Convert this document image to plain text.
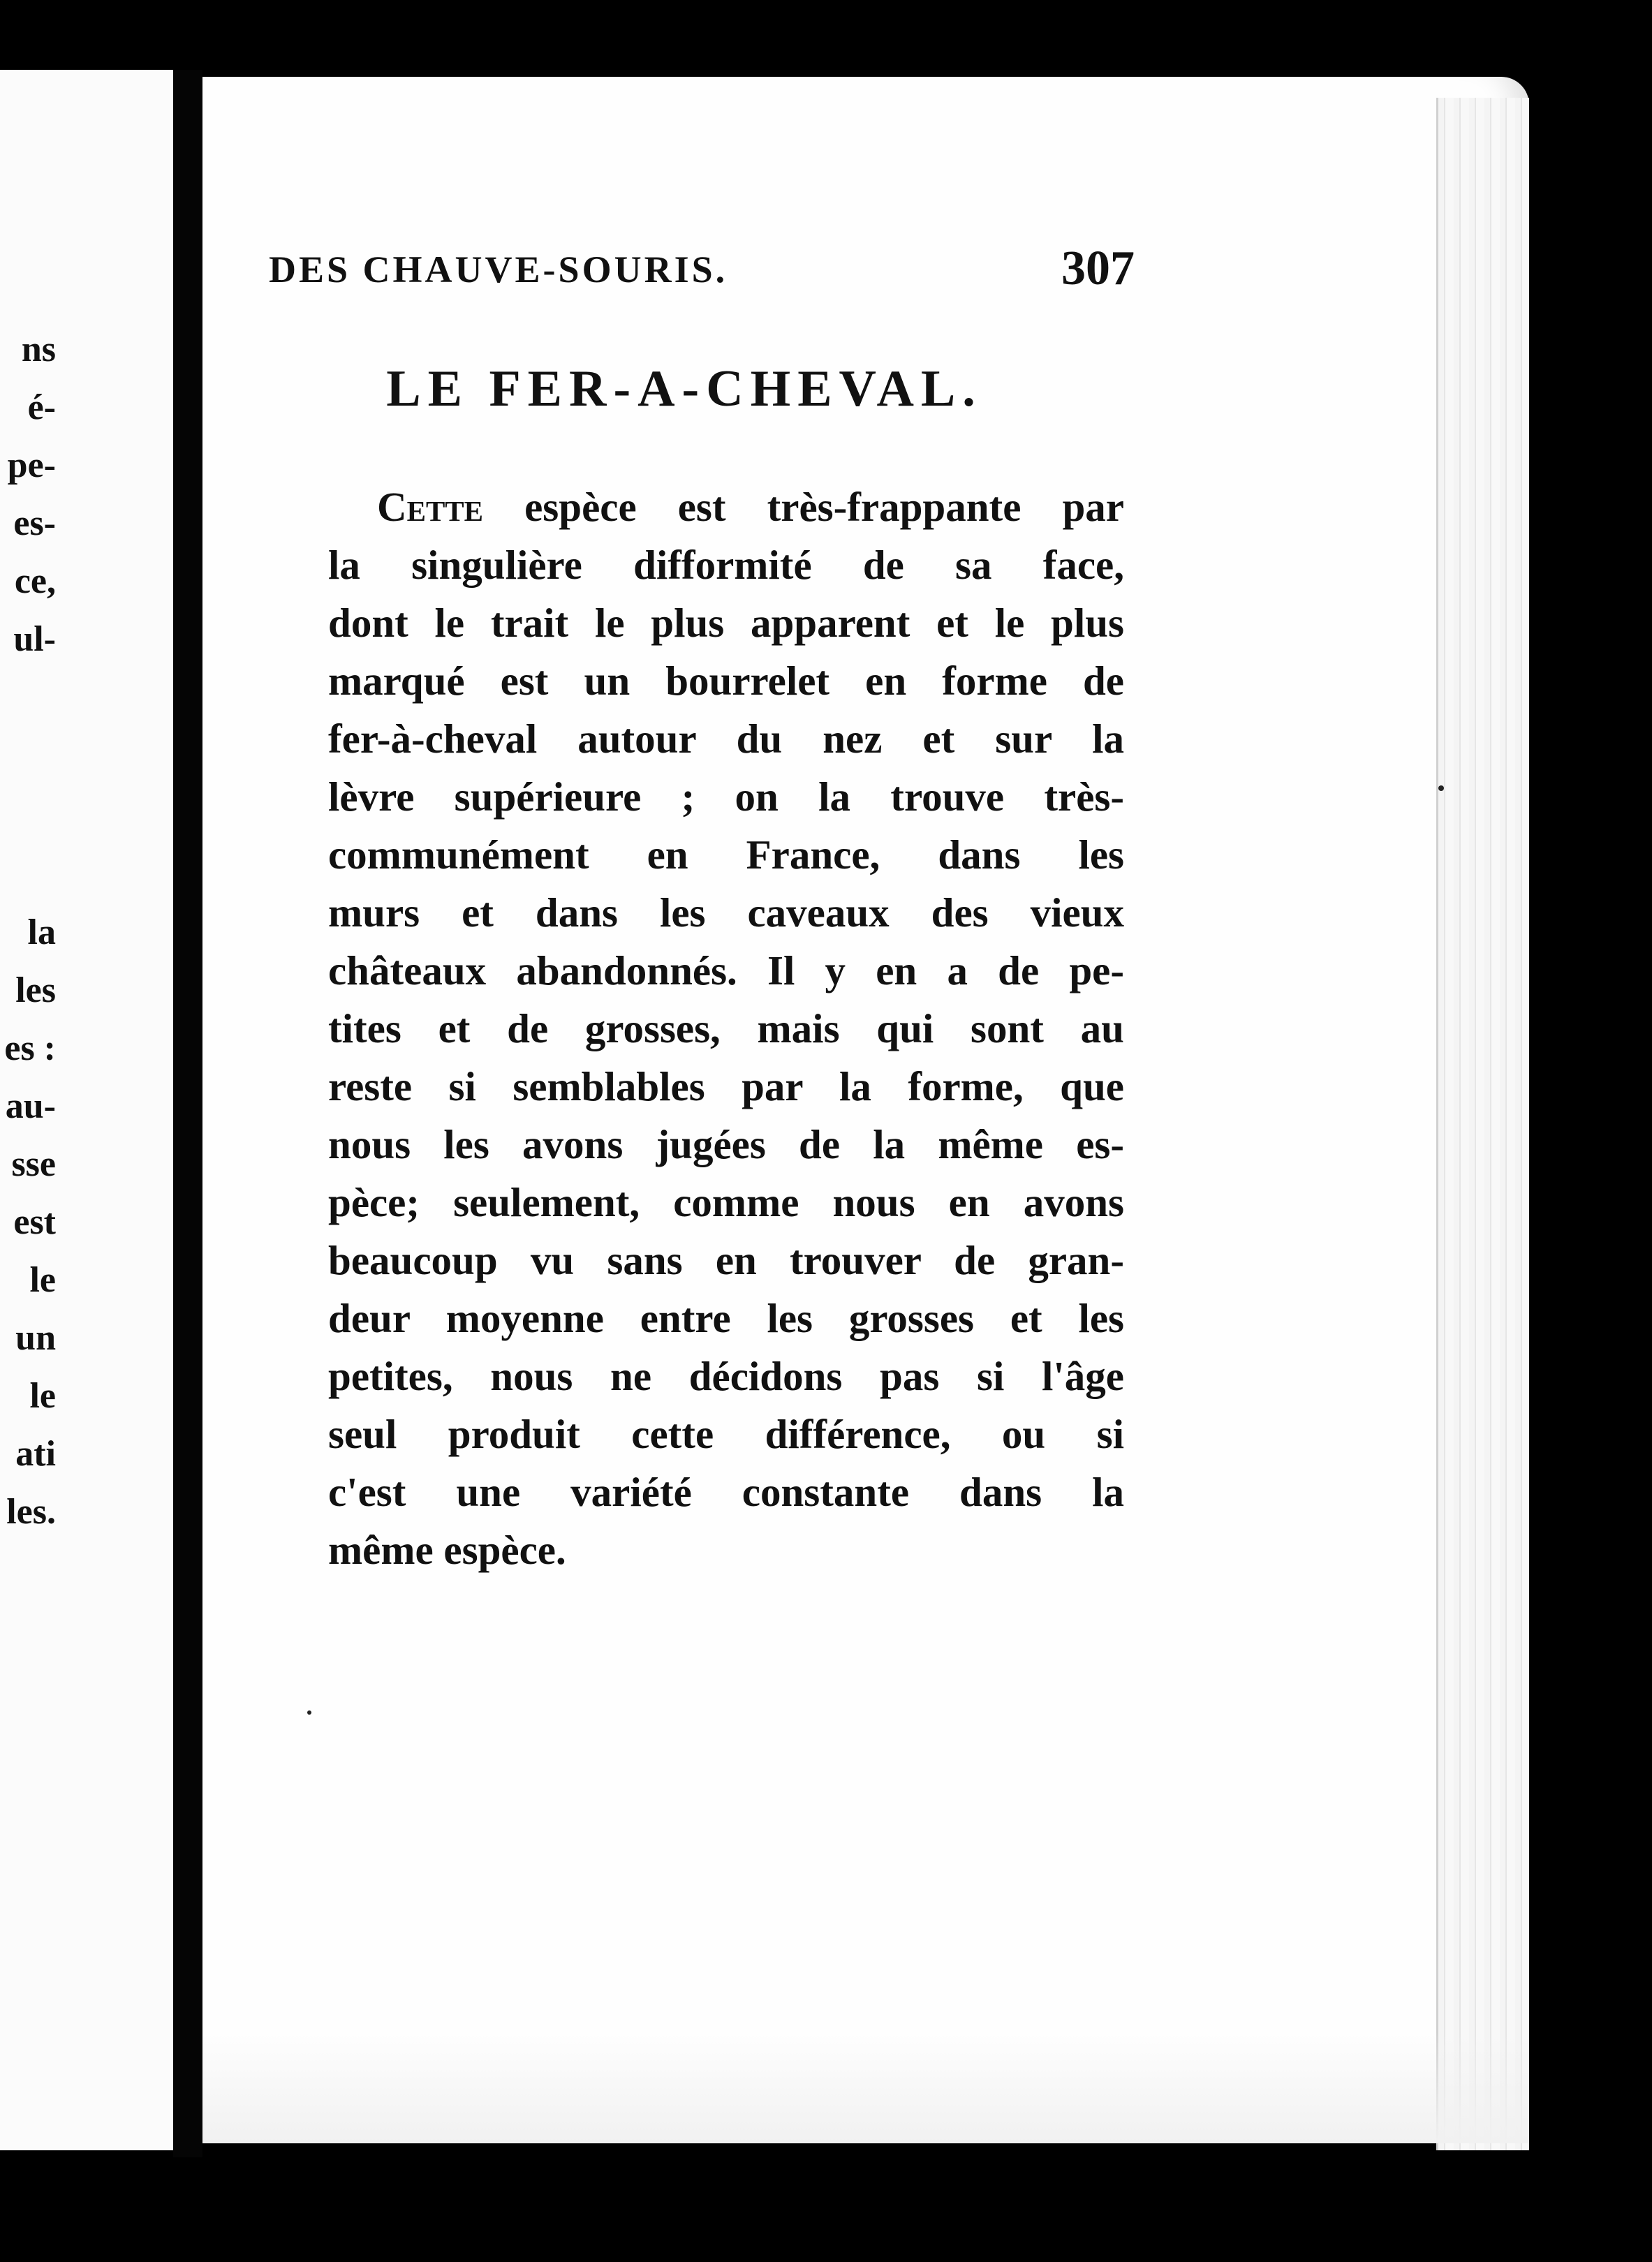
ns
é-
pe-
es-
ce,
ul-
la
les
es :
au-
sse
est
le
un
le
ati
les.
DES CHAUVE-SOURIS.	307
LE FER-A-CHEVAL.
Cette espèce est très-frappante par
la singulière difformité de sa face,
dont le trait le plus apparent et le plus
marqué est un bourrelet en forme de
fer-à-cheval autour du nez et sur la
lèvre supérieure ; on la trouve très-
communément en France, dans les
murs et dans les caveaux des vieux
châteaux abandonnés. Il y en a de pe-
tites et de grosses, mais qui sont au
reste si semblables par la forme, que
nous les avons jugées de la même es-
pèce; seulement, comme nous en avons
beaucoup vu sans en trouver de gran-
deur moyenne entre les grosses et les
petites, nous ne décidons pas si l'âge
seul produit cette différence, ou si
c'est une variété constante dans la
même espèce.
